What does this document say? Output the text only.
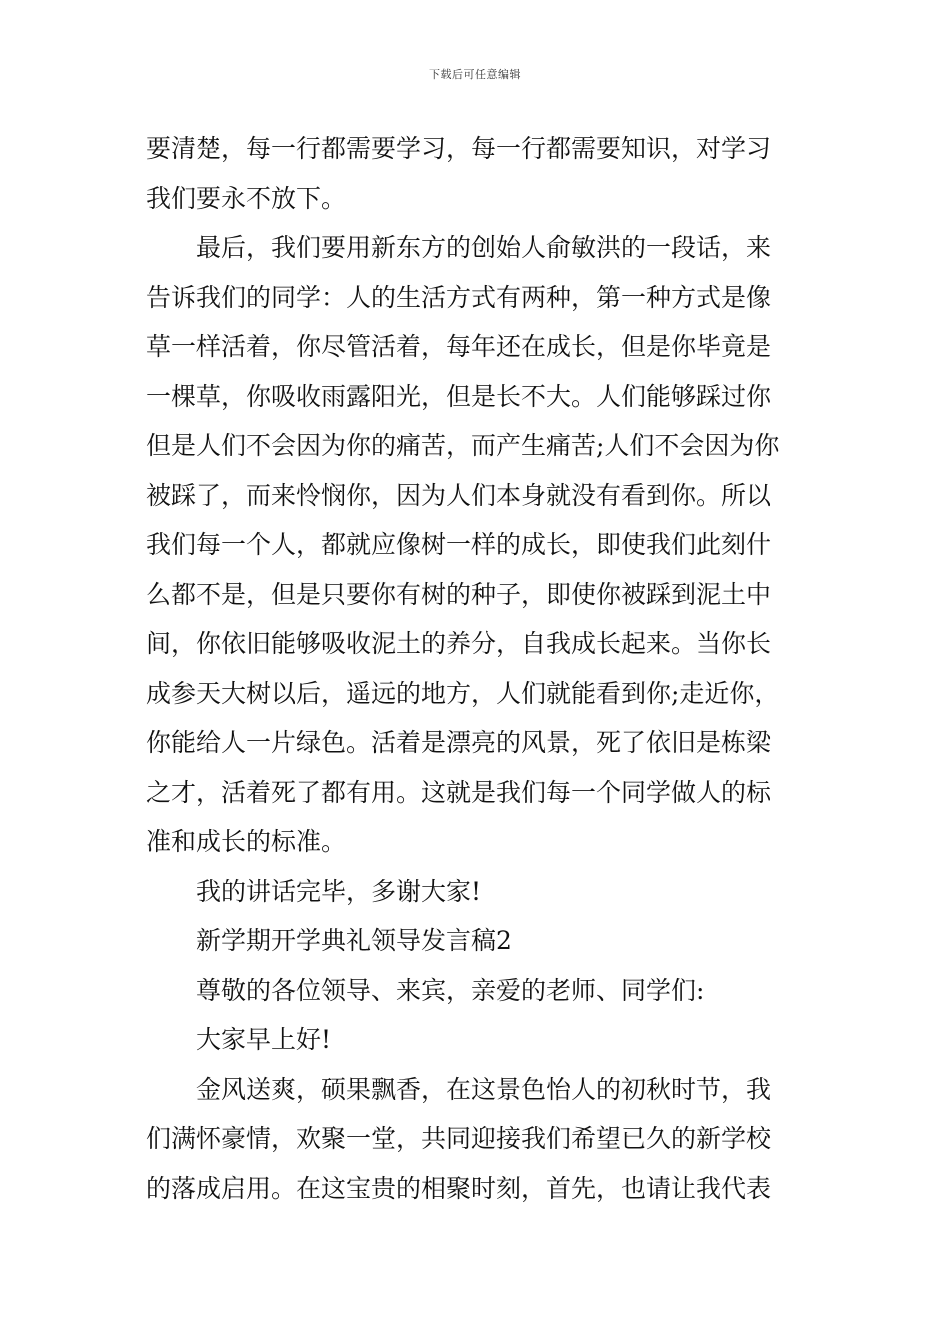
下载后可任意编辑
要清楚，每一行都需要学习，每一行都需要知识，对学习
我们要永不放下。
最后，我们要用新东方的创始人俞敏洪的一段话，来
告诉我们的同学：人的生活方式有两种，第一种方式是像
草一样活着，你尽管活着，每年还在成长，但是你毕竟是
一棵草，你吸收雨露阳光，但是长不大。人们能够踩过你
但是人们不会因为你的痛苦，而产生痛苦;人们不会因为你
被踩了，而来怜悯你，因为人们本身就没有看到你。所以
我们每一个人，都就应像树一样的成长，即使我们此刻什
么都不是，但是只要你有树的种子，即使你被踩到泥土中
间，你依旧能够吸收泥土的养分，自我成长起来。当你长
成参天大树以后，遥远的地方，人们就能看到你;走近你，
你能给人一片绿色。活着是漂亮的风景，死了依旧是栋梁
之才，活着死了都有用。这就是我们每一个同学做人的标
准和成长的标准。
我的讲话完毕，多谢大家!
新学期开学典礼领导发言稿2
尊敬的各位领导、来宾，亲爱的老师、同学们:
大家早上好!
金风送爽，硕果飘香，在这景色怡人的初秋时节，我
们满怀豪情，欢聚一堂，共同迎接我们希望已久的新学校
的落成启用。在这宝贵的相聚时刻，首先，也请让我代表
